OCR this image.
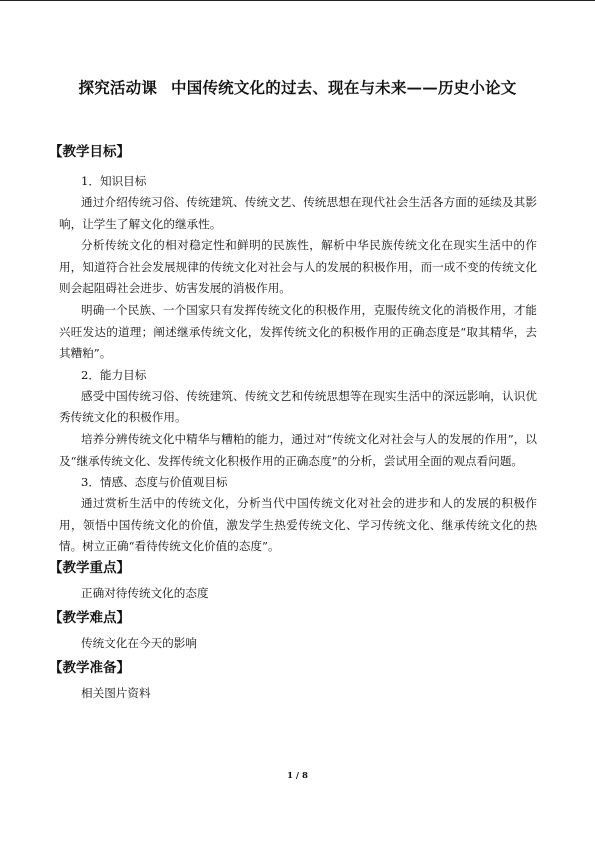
探究活动课 中国传统文化的过去、现在与未来——历史小论文
【教学目标】
1．知识目标
通过介绍传统习俗、传统建筑、传统文艺、传统思想在现代社会生活各方面的延续及其影响，让学生了解文化的继承性。
分析传统文化的相对稳定性和鲜明的民族性，解析中华民族传统文化在现实生活中的作用，知道符合社会发展规律的传统文化对社会与人的发展的积极作用，而一成不变的传统文化则会起阻碍社会进步、妨害发展的消极作用。
明确一个民族、一个国家只有发挥传统文化的积极作用，克服传统文化的消极作用，才能兴旺发达的道理；阐述继承传统文化，发挥传统文化的积极作用的正确态度是“取其精华，去其糟粕”。
2．能力目标
感受中国传统习俗、传统建筑、传统文艺和传统思想等在现实生活中的深远影响，认识优秀传统文化的积极作用。
培养分辨传统文化中精华与糟粕的能力，通过对“传统文化对社会与人的发展的作用”，以及“继承传统文化、发挥传统文化积极作用的正确态度”的分析，尝试用全面的观点看问题。
3．情感、态度与价值观目标
通过赏析生活中的传统文化，分析当代中国传统文化对社会的进步和人的发展的积极作用，领悟中国传统文化的价值，激发学生热爱传统文化、学习传统文化、继承传统文化的热情。树立正确“看待传统文化价值的态度”。
【教学重点】
正确对待传统文化的态度
【教学难点】
传统文化在今天的影响
【教学准备】
相关图片资料
1 / 8
